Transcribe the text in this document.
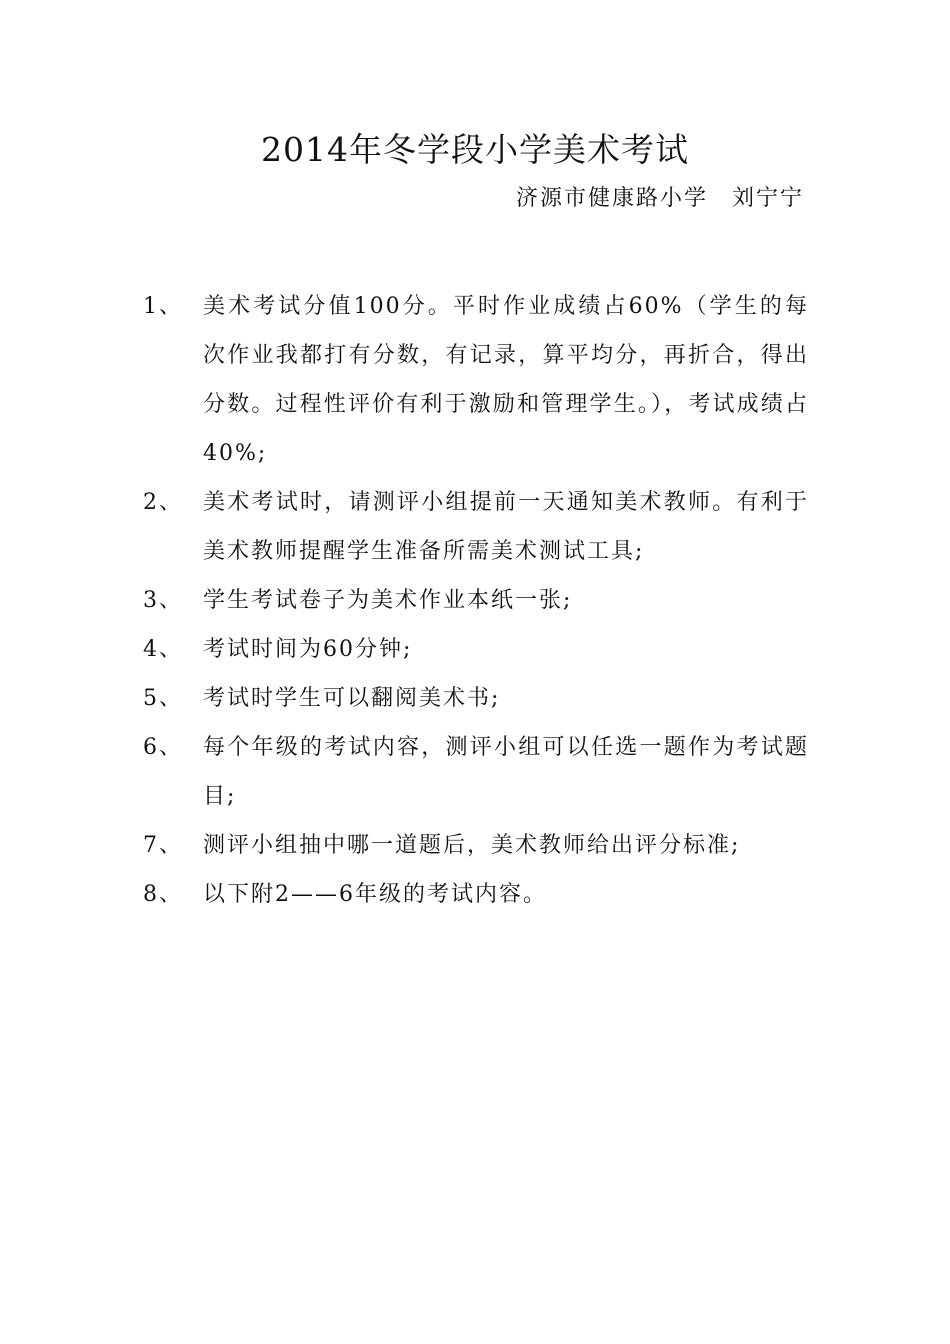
2014年冬学段小学美术考试
济源市健康路小学　刘宁宁
1、 美术考试分值100分。平时作业成绩占60%（学生的每次作业我都打有分数，有记录，算平均分，再折合，得出分数。过程性评价有利于激励和管理学生。），考试成绩占40%;
2、 美术考试时，请测评小组提前一天通知美术教师。有利于美术教师提醒学生准备所需美术测试工具;
3、 学生考试卷子为美术作业本纸一张;
4、 考试时间为60分钟;
5、 考试时学生可以翻阅美术书;
6、 每个年级的考试内容，测评小组可以任选一题作为考试题目;
7、 测评小组抽中哪一道题后，美术教师给出评分标准;
8、 以下附2——6年级的考试内容。
